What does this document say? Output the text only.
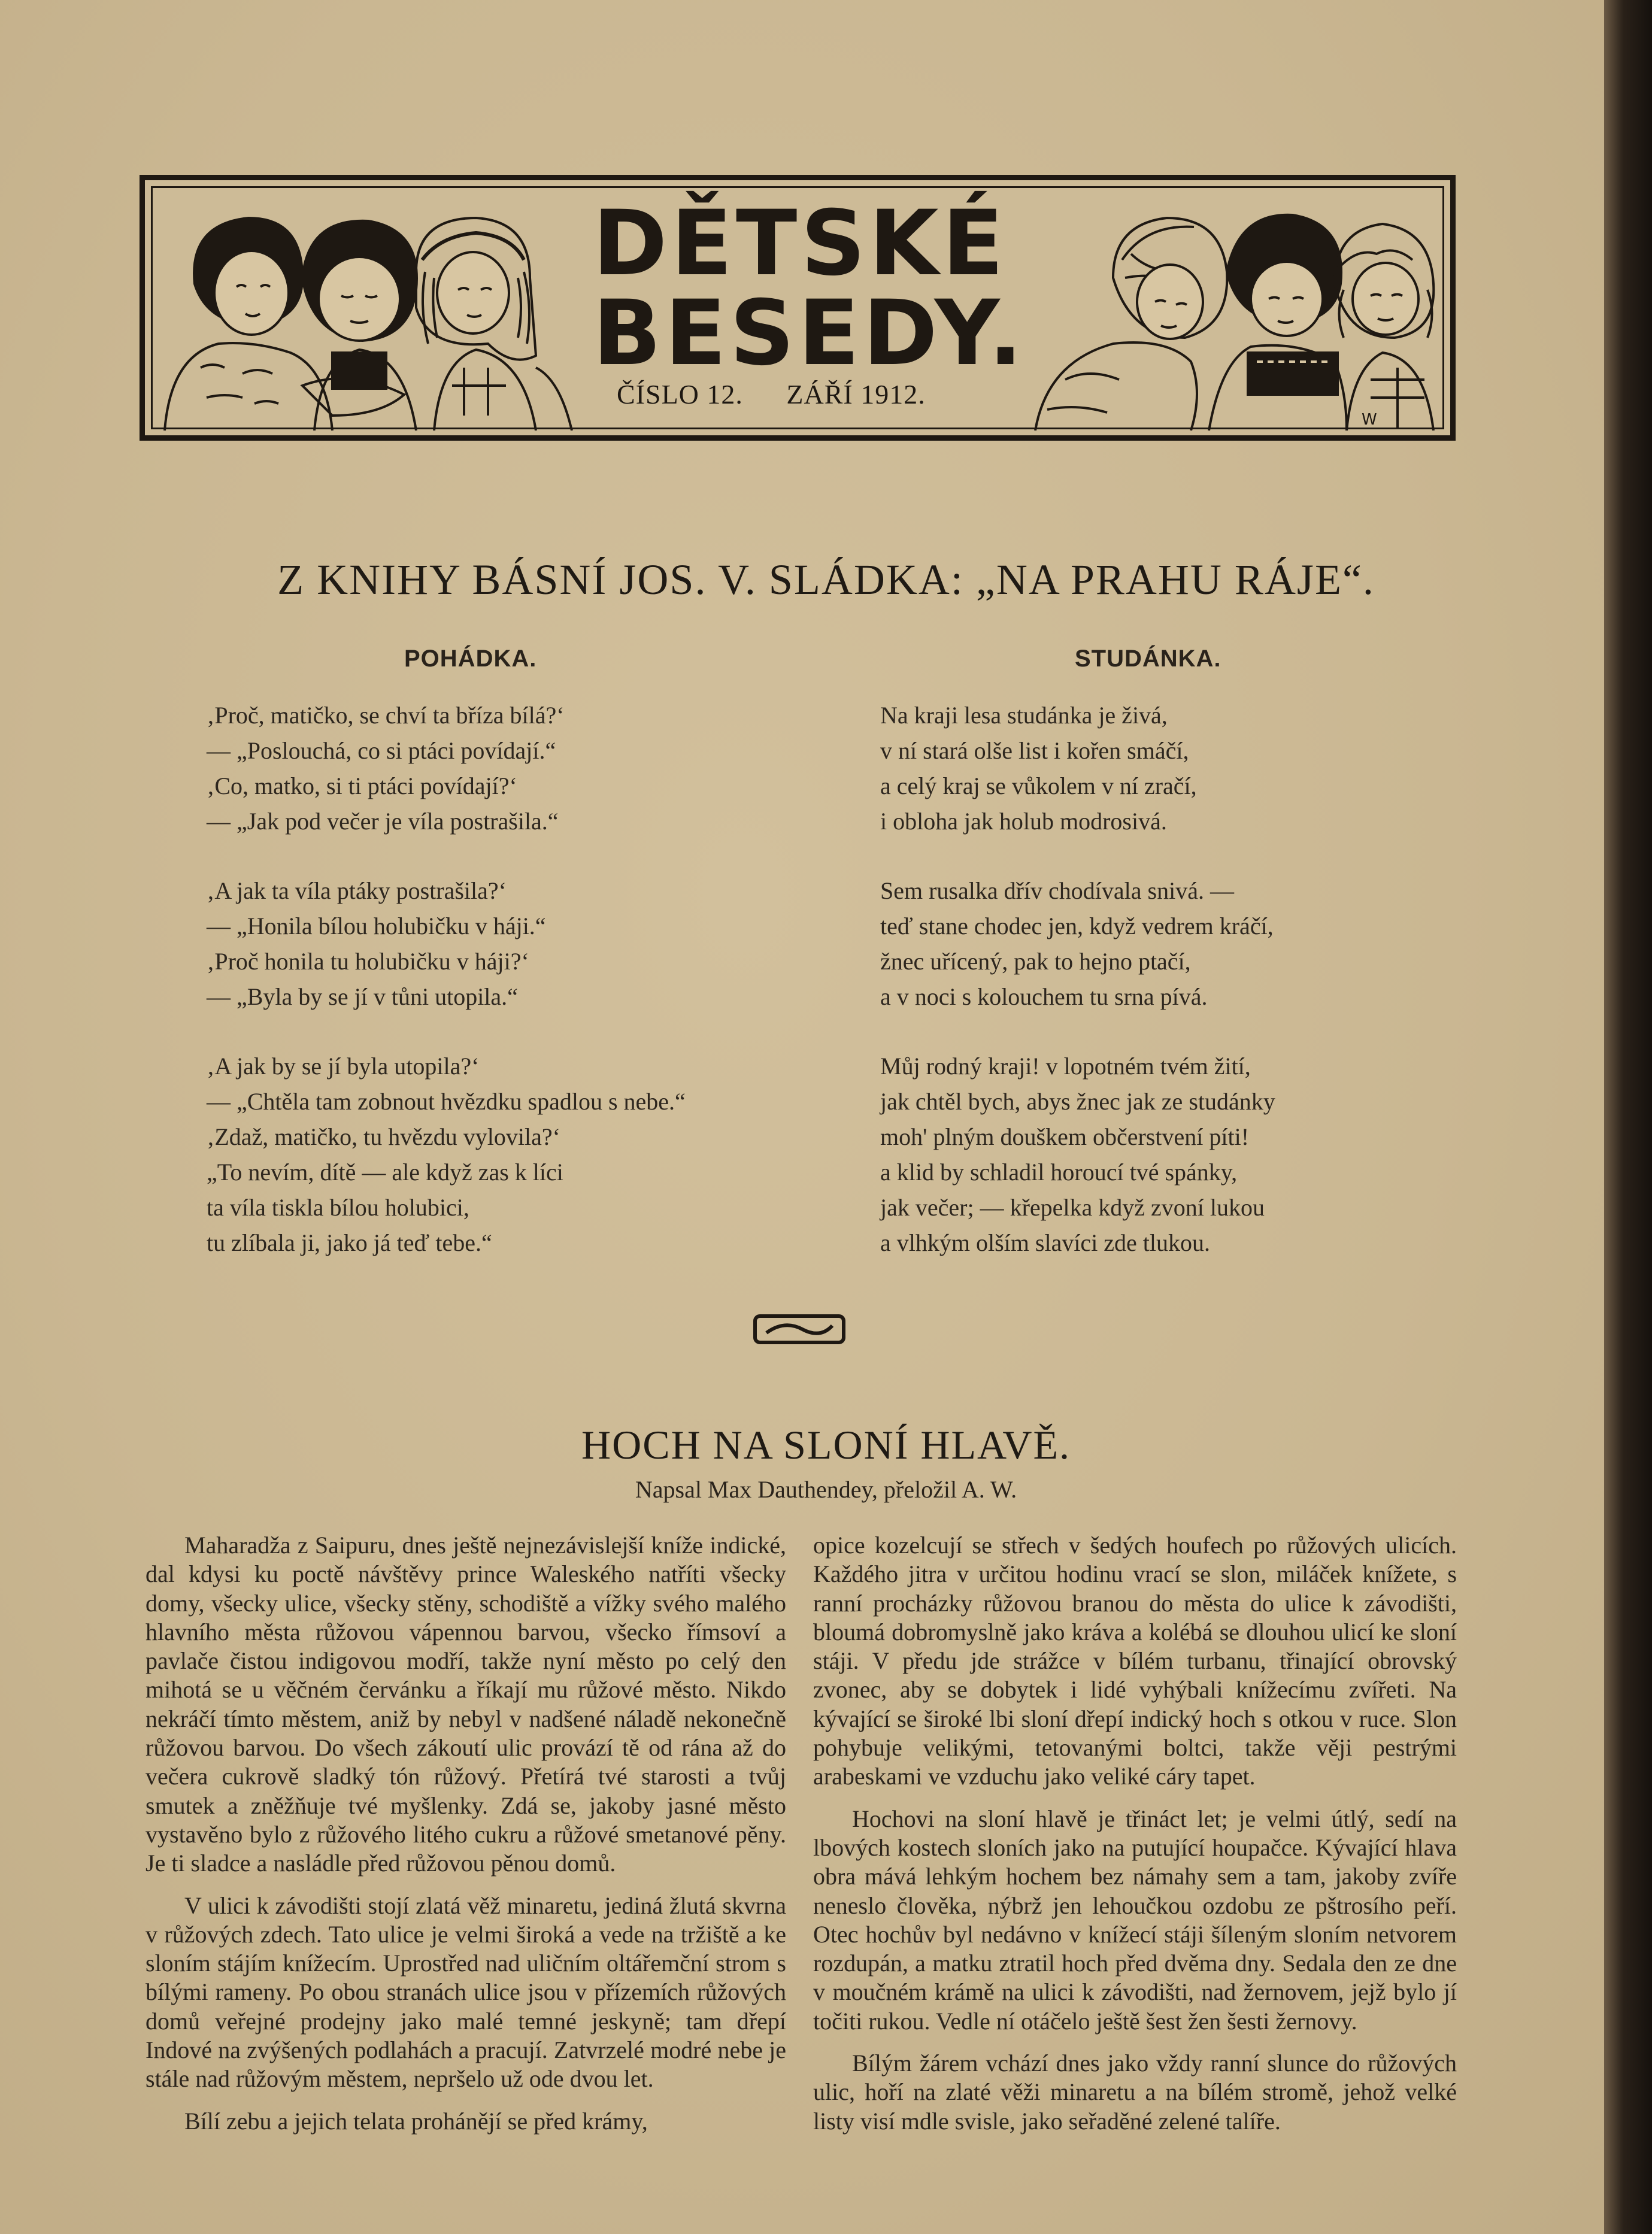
DĚTSKÉ
BESEDY.
ČÍSLO 12. ZÁŘÍ 1912.
W
Z KNIHY BÁSNÍ JOS. V. SLÁDKA: „NA PRAHU RÁJE“.
POHÁDKA.	STUDÁNKA.
‚Proč, matičko, se chví ta bříza bílá?‘
— „Poslouchá, co si ptáci povídají.“
‚Co, matko, si ti ptáci povídají?‘
— „Jak pod večer je víla postrašila.“
‚A jak ta víla ptáky postrašila?‘
— „Honila bílou holubičku v háji.“
‚Proč honila tu holubičku v háji?‘
— „Byla by se jí v tůni utopila.“
‚A jak by se jí byla utopila?‘
— „Chtěla tam zobnout hvězdku spadlou s nebe.“
‚Zdaž, matičko, tu hvězdu vylovila?‘
„To nevím, dítě — ale když zas k líci
ta víla tiskla bílou holubici,
tu zlíbala ji, jako já teď tebe.“
Na kraji lesa studánka je živá,
v ní stará olše list i kořen smáčí,
a celý kraj se vůkolem v ní zračí,
i obloha jak holub modrosivá.
Sem rusalka dřív chodívala snivá. —
teď stane chodec jen, když vedrem kráčí,
žnec uřícený, pak to hejno ptačí,
a v noci s kolouchem tu srna pívá.
Můj rodný kraji! v lopotném tvém žití,
jak chtěl bych, abys žnec jak ze studánky
moh' plným douškem občerstvení píti!
a klid by schladil horoucí tvé spánky,
jak večer; — křepelka když zvoní lukou
a vlhkým olším slavíci zde tlukou.
HOCH NA SLONÍ HLAVĚ.
Napsal Max Dauthendey, přeložil A. W.

Maharadža z Saipuru, dnes ještě nejnezávislejší kníže indické, dal kdysi ku poctě návštěvy prince Waleského natříti všecky domy, všecky ulice, všecky stěny, schodiště a vížky svého malého hlavního města růžovou vápennou barvou, všecko římsoví a pavlače čistou indigovou modří, takže nyní město po celý den mihotá se u věčném červánku a říkají mu růžové město. Nikdo nekráčí tímto městem, aniž by nebyl v nadšené náladě nekonečně růžovou barvou. Do všech zákoutí ulic provází tě od rána až do večera cukrově sladký tón růžový. Přetírá tvé starosti a tvůj smutek a zněžňuje tvé myšlenky. Zdá se, jakoby jasné město vystavěno bylo z růžového litého cukru a růžové smetanové pěny. Je ti sladce a nasládle před růžovou pěnou domů.

V ulici k závodišti stojí zlatá věž minaretu, jediná žlutá skvrna v růžových zdech. Tato ulice je velmi široká a vede na tržiště a ke sloním stájím knížecím. Uprostřed nad uličním oltářemční strom s bílými rameny. Po obou stranách ulice jsou v přízemích růžových domů veřejné prodejny jako malé temné jeskyně; tam dřepí Indové na zvýšených podlahách a pracují. Zatvrzelé modré nebe je stále nad růžovým městem, nepršelo už ode dvou let.

Bílí zebu a jejich telata prohánějí se před krámy,

opice kozelcují se střech v šedých houfech po růžových ulicích. Každého jitra v určitou hodinu vrací se slon, miláček knížete, s ranní procházky růžovou branou do města do ulice k závodišti, bloumá dobromyslně jako kráva a kolébá se dlouhou ulicí ke sloní stáji. V předu jde strážce v bílém turbanu, třinající obrovský zvonec, aby se dobytek i lidé vyhýbali knížecímu zvířeti. Na kývající se široké lbi sloní dřepí indický hoch s otkou v ruce. Slon pohybuje velikými, tetovanými boltci, takže věji pestrými arabeskami ve vzduchu jako veliké cáry tapet.

Hochovi na sloní hlavě je třináct let; je velmi útlý, sedí na lbových kostech sloních jako na putující houpačce. Kývající hlava obra mává lehkým hochem bez námahy sem a tam, jakoby zvíře neneslo člověka, nýbrž jen lehoučkou ozdobu ze pštrosího peří. Otec hochův byl nedávno v knížecí stáji šíleným sloním netvorem rozdupán, a matku ztratil hoch před dvěma dny. Sedala den ze dne v moučném krámě na ulici k závodišti, nad žernovem, jejž bylo jí točiti rukou. Vedle ní otáčelo ještě šest žen šesti žernovy.

Bílým žárem vchází dnes jako vždy ranní slunce do růžových ulic, hoří na zlaté věži minaretu a na bílém stromě, jehož velké listy visí mdle svisle, jako seřaděné zelené talíře.
